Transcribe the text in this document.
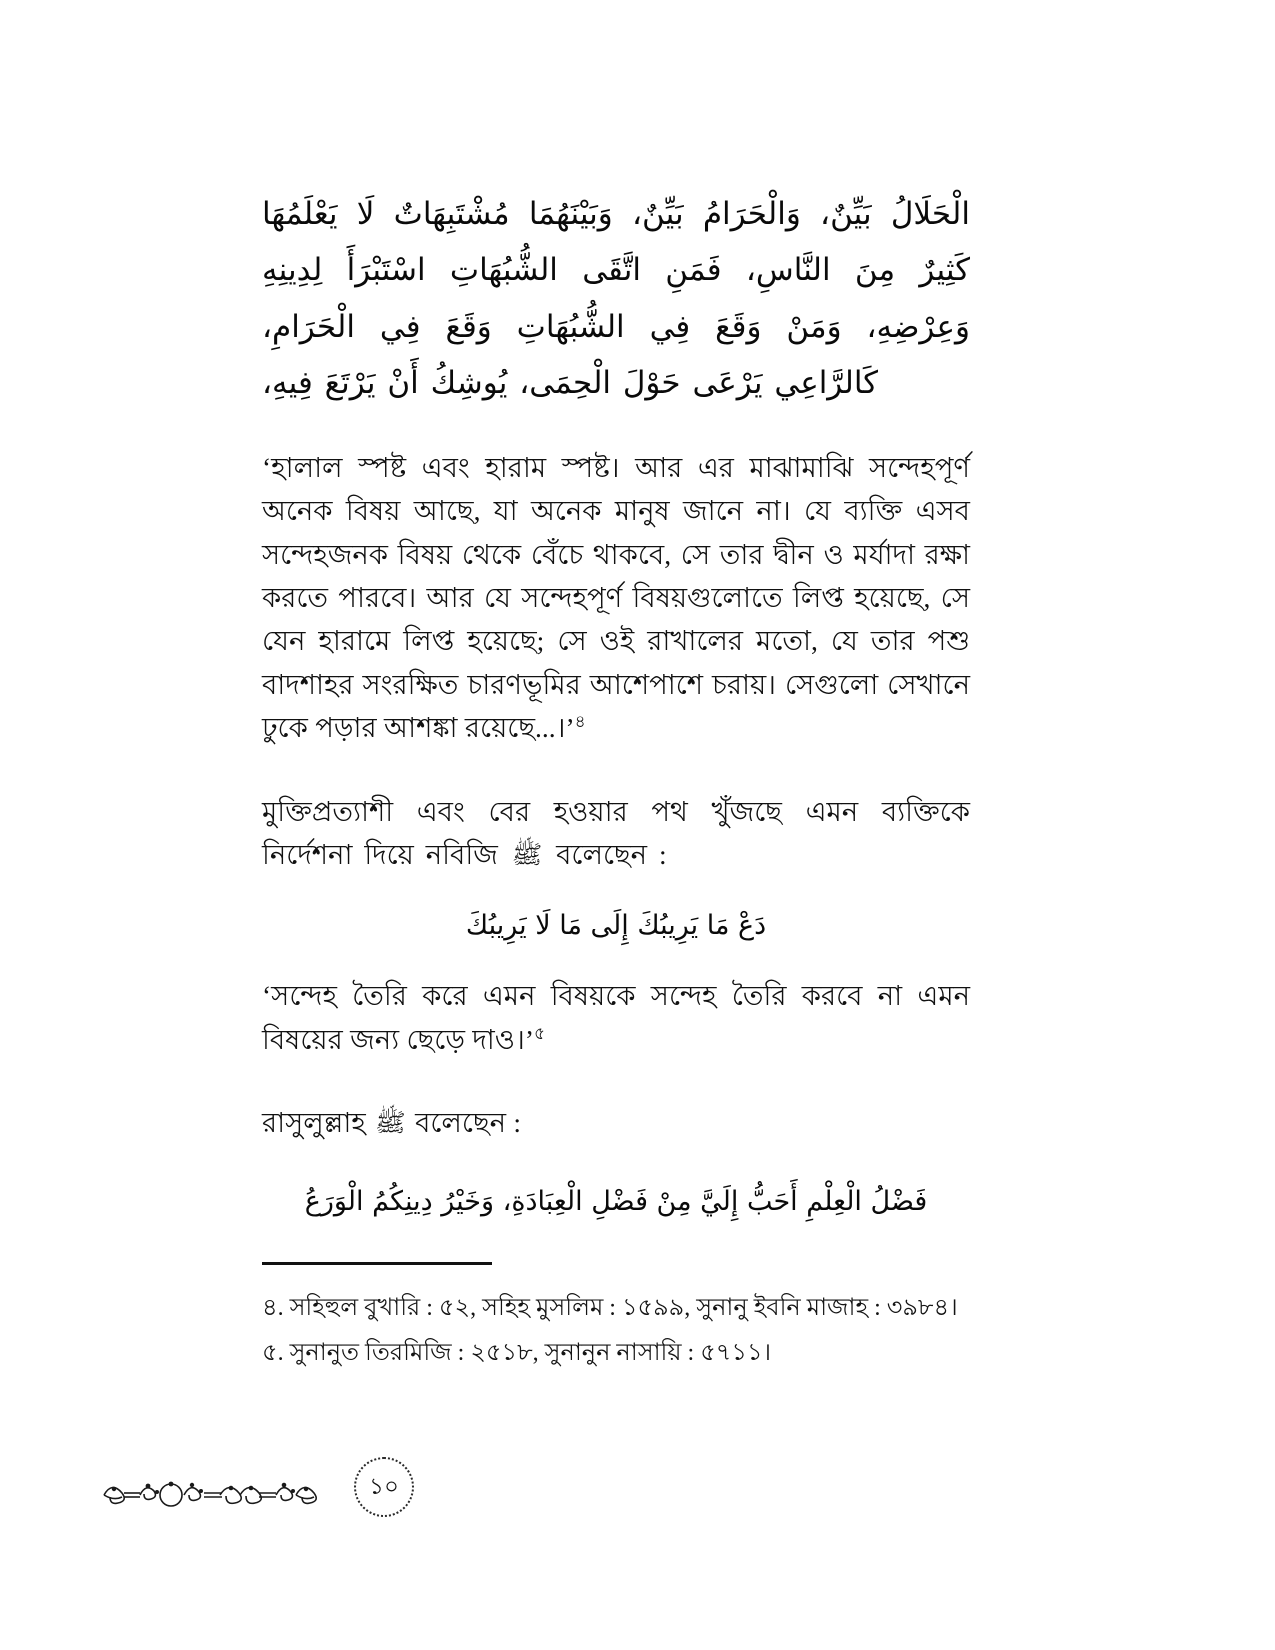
الْحَلَالُ بَيِّنٌ، وَالْحَرَامُ بَيِّنٌ، وَبَيْنَهُمَا مُشْتَبِهَاتٌ لَا يَعْلَمُهَا كَثِيرٌ مِنَ النَّاسِ، فَمَنِ اتَّقَى الشُّبُهَاتِ اسْتَبْرَأَ لِدِينِهِ وَعِرْضِهِ، وَمَنْ وَقَعَ فِي الشُّبُهَاتِ وَقَعَ فِي الْحَرَامِ، كَالرَّاعِي يَرْعَى حَوْلَ الْحِمَى، يُوشِكُ أَنْ يَرْتَعَ فِيهِ،
‘হালাল স্পষ্ট এবং হারাম স্পষ্ট। আর এর মাঝামাঝি সন্দেহপূর্ণ অনেক বিষয় আছে, যা অনেক মানুষ জানে না। যে ব্যক্তি এসব সন্দেহজনক বিষয় থেকে বেঁচে থাকবে, সে তার দ্বীন ও মর্যাদা রক্ষা করতে পারবে। আর যে সন্দেহপূর্ণ বিষয়গুলোতে লিপ্ত হয়েছে, সে যেন হারামে লিপ্ত হয়েছে; সে ওই রাখালের মতো, যে তার পশু বাদশাহর সংরক্ষিত চারণভূমির আশেপাশে চরায়। সেগুলো সেখানে ঢুকে পড়ার আশঙ্কা রয়েছে...।’$^৪$
মুক্তিপ্রত্যাশী এবং বের হওয়ার পথ খুঁজছে এমন ব্যক্তিকে নির্দেশনা দিয়ে নবিজি ﷺ বলেছেন :
دَعْ مَا يَرِيبُكَ إِلَى مَا لَا يَرِيبُكَ
‘সন্দেহ তৈরি করে এমন বিষয়কে সন্দেহ তৈরি করবে না এমন বিষয়ের জন্য ছেড়ে দাও।’$^৫$
রাসুলুল্লাহ ﷺ বলেছেন :
فَضْلُ الْعِلْمِ أَحَبُّ إِلَيَّ مِنْ فَضْلِ الْعِبَادَةِ، وَخَيْرُ دِينِكُمُ الْوَرَعُ
৪. সহিহুল বুখারি : ৫২, সহিহ মুসলিম : ১৫৯৯, সুনানু ইবনি মাজাহ : ৩৯৮৪।
৫. সুনানুত তিরমিজি : ২৫১৮, সুনানুন নাসায়ি : ৫৭১১।
১০
